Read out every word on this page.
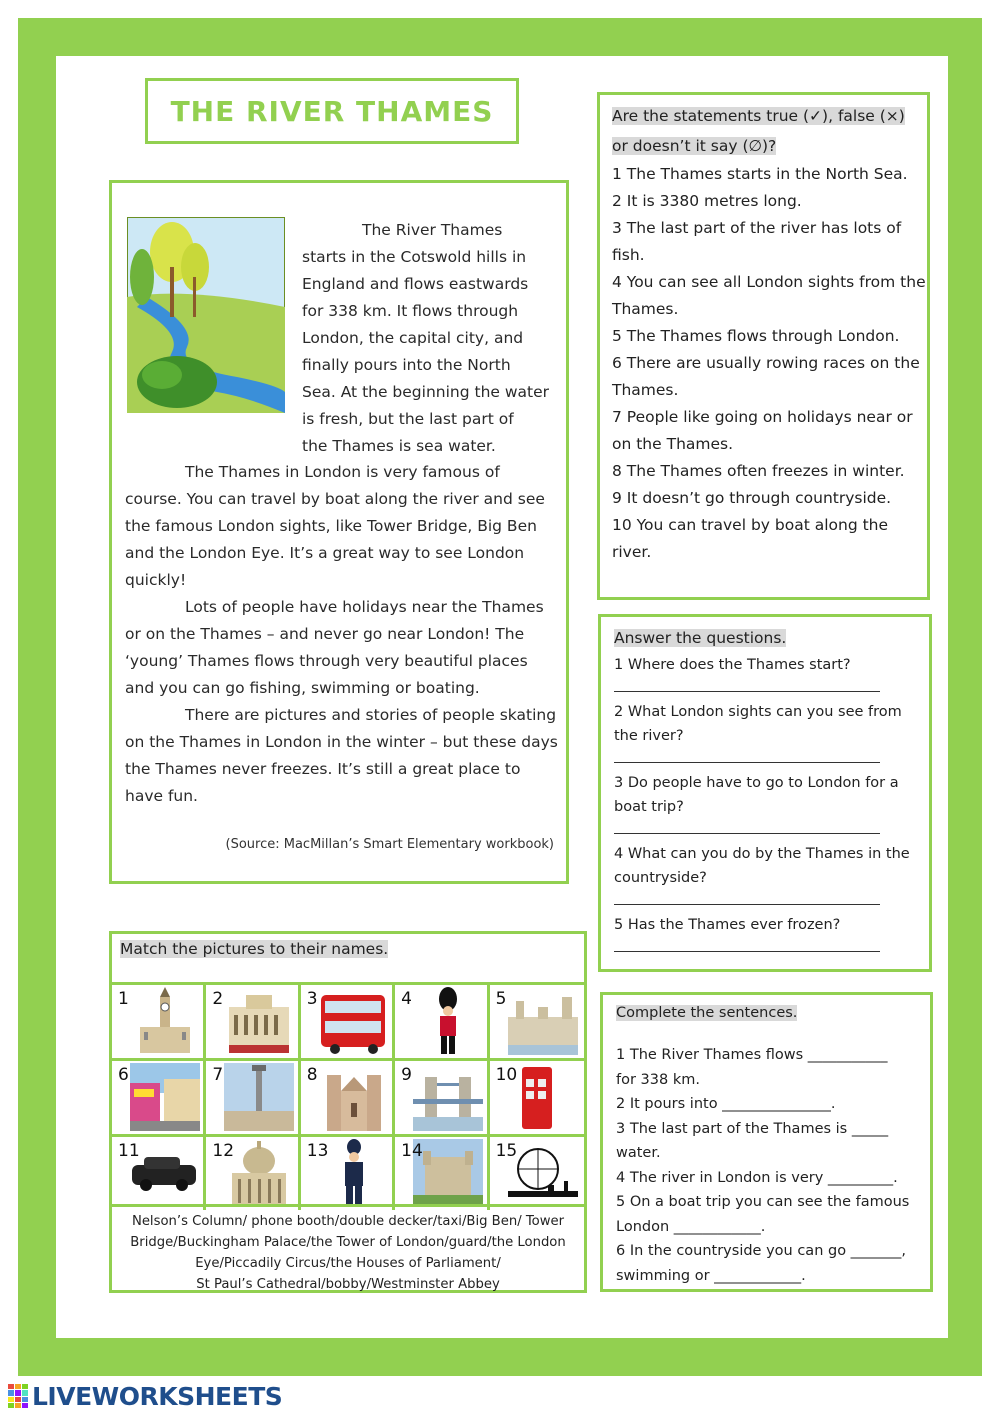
THE RIVER THAMES
The River Thames
starts in the Cotswold hills in
England and flows eastwards
for 338 km. It flows through
London, the capital city, and
finally pours into the North
Sea. At the beginning the water
is fresh, but the last part of
the Thames is sea water.

The Thames in London is very famous of course. You can travel by boat along the river and see the famous London sights, like Tower Bridge, Big Ben and the London Eye. It’s a great way to see London quickly!

Lots of people have holidays near the Thames or on the Thames – and never go near London! The ‘young’ Thames flows through very beautiful places and you can go fishing, swimming or boating.

There are pictures and stories of people skating on the Thames in London in the winter – but these days the Thames never freezes. It’s still a great place to have fun.

(Source: MacMillan’s Smart Elementary workbook)
Are the statements true (✓), false (×)
or doesn’t it say (∅)?
1 The Thames starts in the North Sea.
2 It is 3380 metres long.
3 The last part of the river has lots of fish.
4 You can see all London sights from the Thames.
5 The Thames flows through London.
6 There are usually rowing races on the Thames.
7 People like going on holidays near or on the Thames.
8 The Thames often freezes in winter.
9 It doesn’t go through countryside.
10 You can travel by boat along the river.
Answer the questions.
1 Where does the Thames start?
2 What London sights can you see from the river?
3 Do people have to go to London for a boat trip?
4 What can you do by the Thames in the countryside?
5 Has the Thames ever frozen?
Complete the sentences.
1 The River Thames flows ___________
for 338 km.
2 It pours into _______________.
3 The last part of the Thames is _____
water.
4 The river in London is very _________.
5 On a boat trip you can see the famous
London ____________.
6 In the countryside you can go _______,
swimming or ____________.
Match the pictures to their names.
1	2	3	4	5
6	7	8	9	10
11	12	13	14	15
Nelson’s Column/ phone booth/double decker/taxi/Big Ben/ Tower
Bridge/Buckingham Palace/the Tower of London/guard/the London
Eye/Piccadily Circus/the Houses of Parliament/
St Paul’s Cathedral/bobby/Westminster Abbey
LIVEWORKSHEETS
